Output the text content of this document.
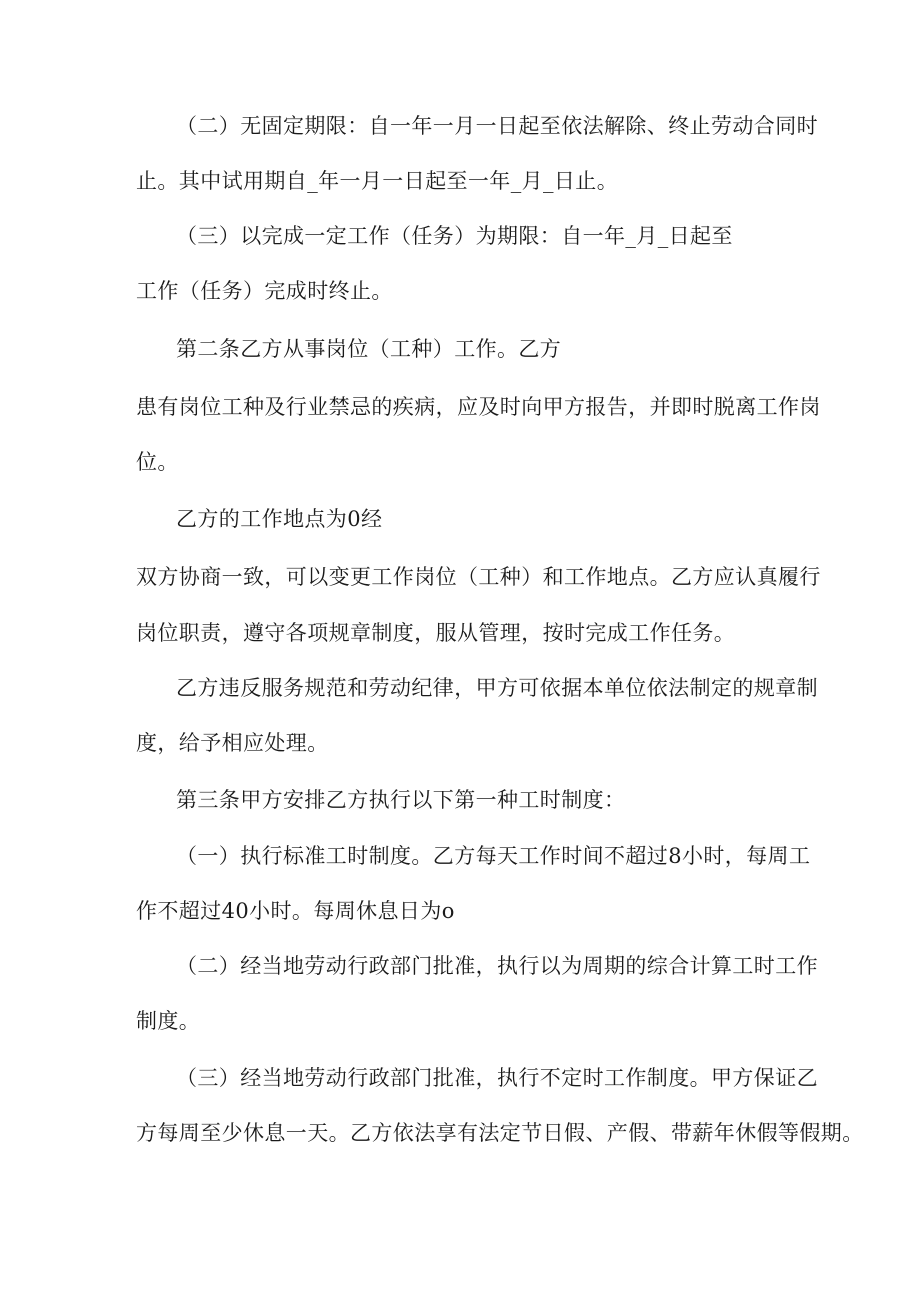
（二）无固定期限：自一年一月一日起至依法解除、终止劳动合同时
止。其中试用期自_年一月一日起至一年_月_日止。
（三）以完成一定工作（任务）为期限：自一年_月_日起至
工作（任务）完成时终止。
第二条乙方从事岗位（工种）工作。乙方
患有岗位工种及行业禁忌的疾病，应及时向甲方报告，并即时脱离工作岗
位。
乙方的工作地点为0经
双方协商一致，可以变更工作岗位（工种）和工作地点。乙方应认真履行
岗位职责，遵守各项规章制度，服从管理，按时完成工作任务。
乙方违反服务规范和劳动纪律，甲方可依据本单位依法制定的规章制
度，给予相应处理。
第三条甲方安排乙方执行以下第一种工时制度：
（一）执行标准工时制度。乙方每天工作时间不超过8小时，每周工
作不超过40小时。每周休息日为o
（二）经当地劳动行政部门批准，执行以为周期的综合计算工时工作
制度。
（三）经当地劳动行政部门批准，执行不定时工作制度。甲方保证乙
方每周至少休息一天。乙方依法享有法定节日假、产假、带薪年休假等假期。
